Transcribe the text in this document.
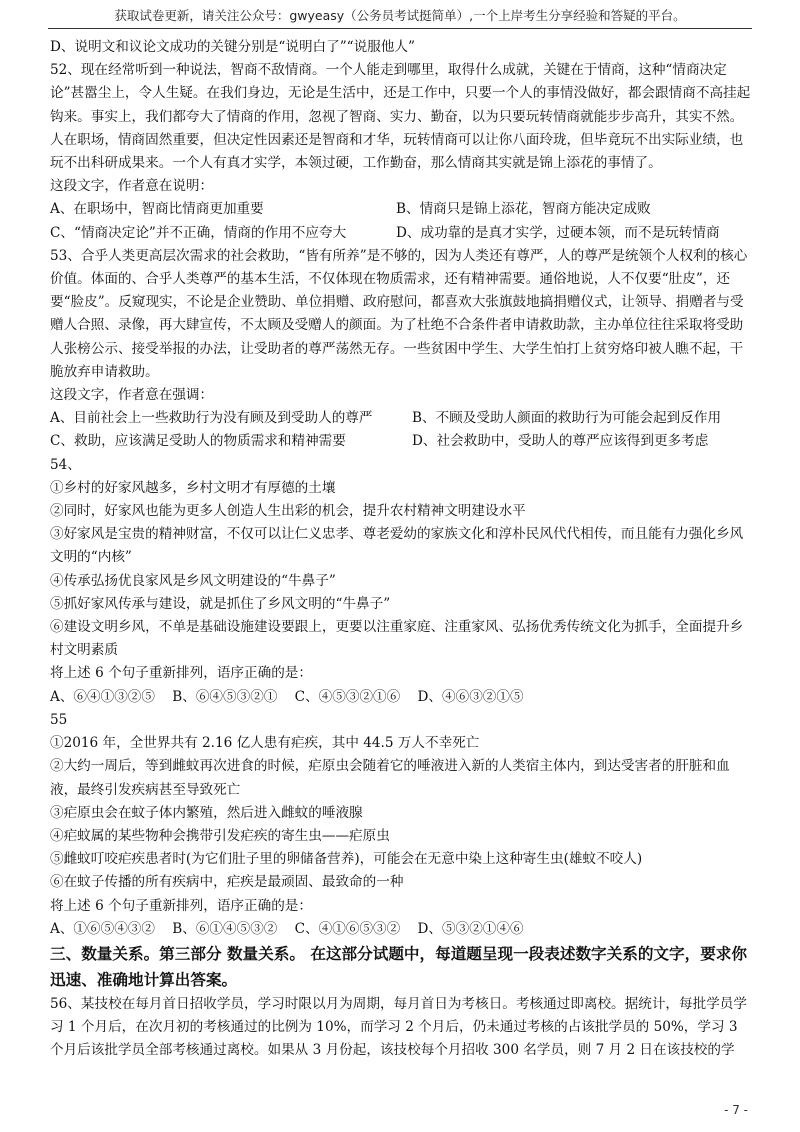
获取试卷更新，请关注公众号：gwyeasy（公务员考试挺简单）,一个上岸考生分享经验和答疑的平台。

D、说明文和议论文成功的关键分别是“说明白了”“说服他人”

52、现在经常听到一种说法，智商不敌情商。一个人能走到哪里，取得什么成就，关键在于情商，这种“情商决定论”甚嚣尘上，令人生疑。在我们身边，无论是生活中，还是工作中，只要一个人的事情没做好，都会跟情商不高挂起钩来。事实上，我们都夸大了情商的作用，忽视了智商、实力、勤奋，以为只要玩转情商就能步步高升，其实不然。人在职场，情商固然重要，但决定性因素还是智商和才华，玩转情商可以让你八面玲珑，但毕竟玩不出实际业绩，也玩不出科研成果来。一个人有真才实学，本领过硬，工作勤奋，那么情商其实就是锦上添花的事情了。

这段文字，作者意在说明：

A、在职场中，智商比情商更加重要	B、情商只是锦上添花，智商方能决定成败
C、“情商决定论”并不正确，情商的作用不应夸大	D、成功靠的是真才实学，过硬本领，而不是玩转情商

53、合乎人类更高层次需求的社会救助，“皆有所养”是不够的，因为人类还有尊严，人的尊严是统领个人权利的核心价值。体面的、合乎人类尊严的基本生活，不仅体现在物质需求，还有精神需要。通俗地说，人不仅要“肚皮”，还要“脸皮”。反窥现实，不论是企业赞助、单位捐赠、政府慰问，都喜欢大张旗鼓地搞捐赠仪式，让领导、捐赠者与受赠人合照、录像，再大肆宣传，不太顾及受赠人的颜面。为了杜绝不合条件者申请救助款，主办单位往往采取将受助人张榜公示、接受举报的办法，让受助者的尊严荡然无存。一些贫困中学生、大学生怕打上贫穷烙印被人瞧不起，干脆放弃申请救助。

这段文字，作者意在强调：

A、目前社会上一些救助行为没有顾及到受助人的尊严	B、不顾及受助人颜面的救助行为可能会起到反作用
C、救助，应该满足受助人的物质需求和精神需要	D、社会救助中，受助人的尊严应该得到更多考虑

54、

①乡村的好家风越多，乡村文明才有厚德的土壤

②同时，好家风也能为更多人创造人生出彩的机会，提升农村精神文明建设水平

③好家风是宝贵的精神财富，不仅可以让仁义忠孝、尊老爱幼的家族文化和淳朴民风代代相传，而且能有力强化乡风文明的“内核”

④传承弘扬优良家风是乡风文明建设的“牛鼻子”

⑤抓好家风传承与建设，就是抓住了乡风文明的“牛鼻子”

⑥建设文明乡风，不单是基础设施建设要跟上，更要以注重家庭、注重家风、弘扬优秀传统文化为抓手，全面提升乡村文明素质

将上述 6 个句子重新排列，语序正确的是：

A、⑥④①③②⑤    B、⑥④⑤③②①    C、④⑤③②①⑥    D、④⑥③②①⑤

55

①2016 年，全世界共有 2.16 亿人患有疟疾，其中 44.5 万人不幸死亡

②大约一周后，等到雌蚊再次进食的时候，疟原虫会随着它的唾液进入新的人类宿主体内，到达受害者的肝脏和血液，最终引发疾病甚至导致死亡

③疟原虫会在蚊子体内繁殖，然后进入雌蚊的唾液腺

④疟蚊属的某些物种会携带引发疟疾的寄生虫——疟原虫

⑤雌蚊叮咬疟疾患者时(为它们肚子里的卵储备营养)，可能会在无意中染上这种寄生虫(雄蚊不咬人)

⑥在蚊子传播的所有疾病中，疟疾是最顽固、最致命的一种

将上述 6 个句子重新排列，语序正确的是：

A、①⑥⑤④③②    B、⑥①④⑤③②    C、④①⑥⑤③②    D、⑤③②①④⑥

三、数量关系。第三部分 数量关系。 在这部分试题中，每道题呈现一段表述数字关系的文字，要求你迅速、准确地计算出答案。

56、某技校在每月首日招收学员，学习时限以月为周期，每月首日为考核日。考核通过即离校。据统计，每批学员学习 1 个月后，在次月初的考核通过的比例为 10%，而学习 2 个月后，仍未通过考核的占该批学员的 50%，学习 3 个月后该批学员全部考核通过离校。如果从 3 月份起，该技校每个月招收 300 名学员，则 7 月 2 日在该技校的学

- 7 -
